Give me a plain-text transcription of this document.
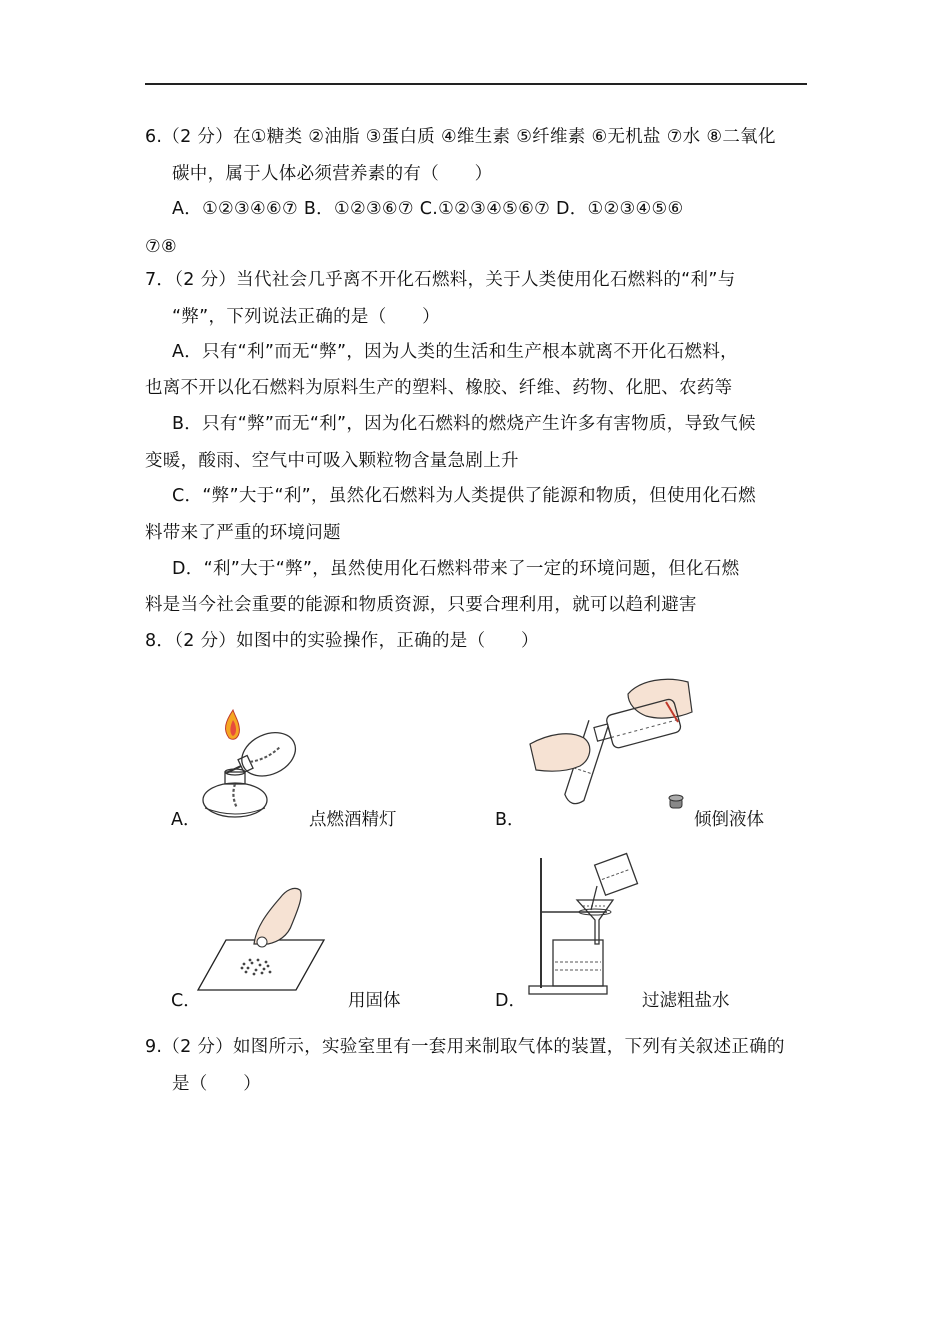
6.（2 分）在①糖类 ②油脂 ③蛋白质 ④维生素 ⑤纤维素 ⑥无机盐 ⑦水 ⑧二氧化
碳中，属于人体必须营养素的有（　　）
A．①②③④⑥⑦ B．①②③⑥⑦ C.①②③④⑤⑥⑦ D．①②③④⑤⑥
⑦⑧
7．（2 分）当代社会几乎离不开化石燃料，关于人类使用化石燃料的“利”与
“弊”，下列说法正确的是（　　）
A．只有“利”而无“弊”，因为人类的生活和生产根本就离不开化石燃料，
也离不开以化石燃料为原料生产的塑料、橡胶、纤维、药物、化肥、农药等
B．只有“弊”而无“利”，因为化石燃料的燃烧产生许多有害物质，导致气候
变暖，酸雨、空气中可吸入颗粒物含量急剧上升
C．“弊”大于“利”，虽然化石燃料为人类提供了能源和物质，但使用化石燃
料带来了严重的环境问题
D．“利”大于“弊”，虽然使用化石燃料带来了一定的环境问题，但化石燃
料是当今社会重要的能源和物质资源，只要合理利用，就可以趋利避害
8．（2 分）如图中的实验操作，正确的是（　　）
A．	点燃酒精灯	B．	倾倒液体
C．	用固体	D．	过滤粗盐水
9.（2 分）如图所示，实验室里有一套用来制取气体的装置，下列有关叙述正确的
是（　　）
